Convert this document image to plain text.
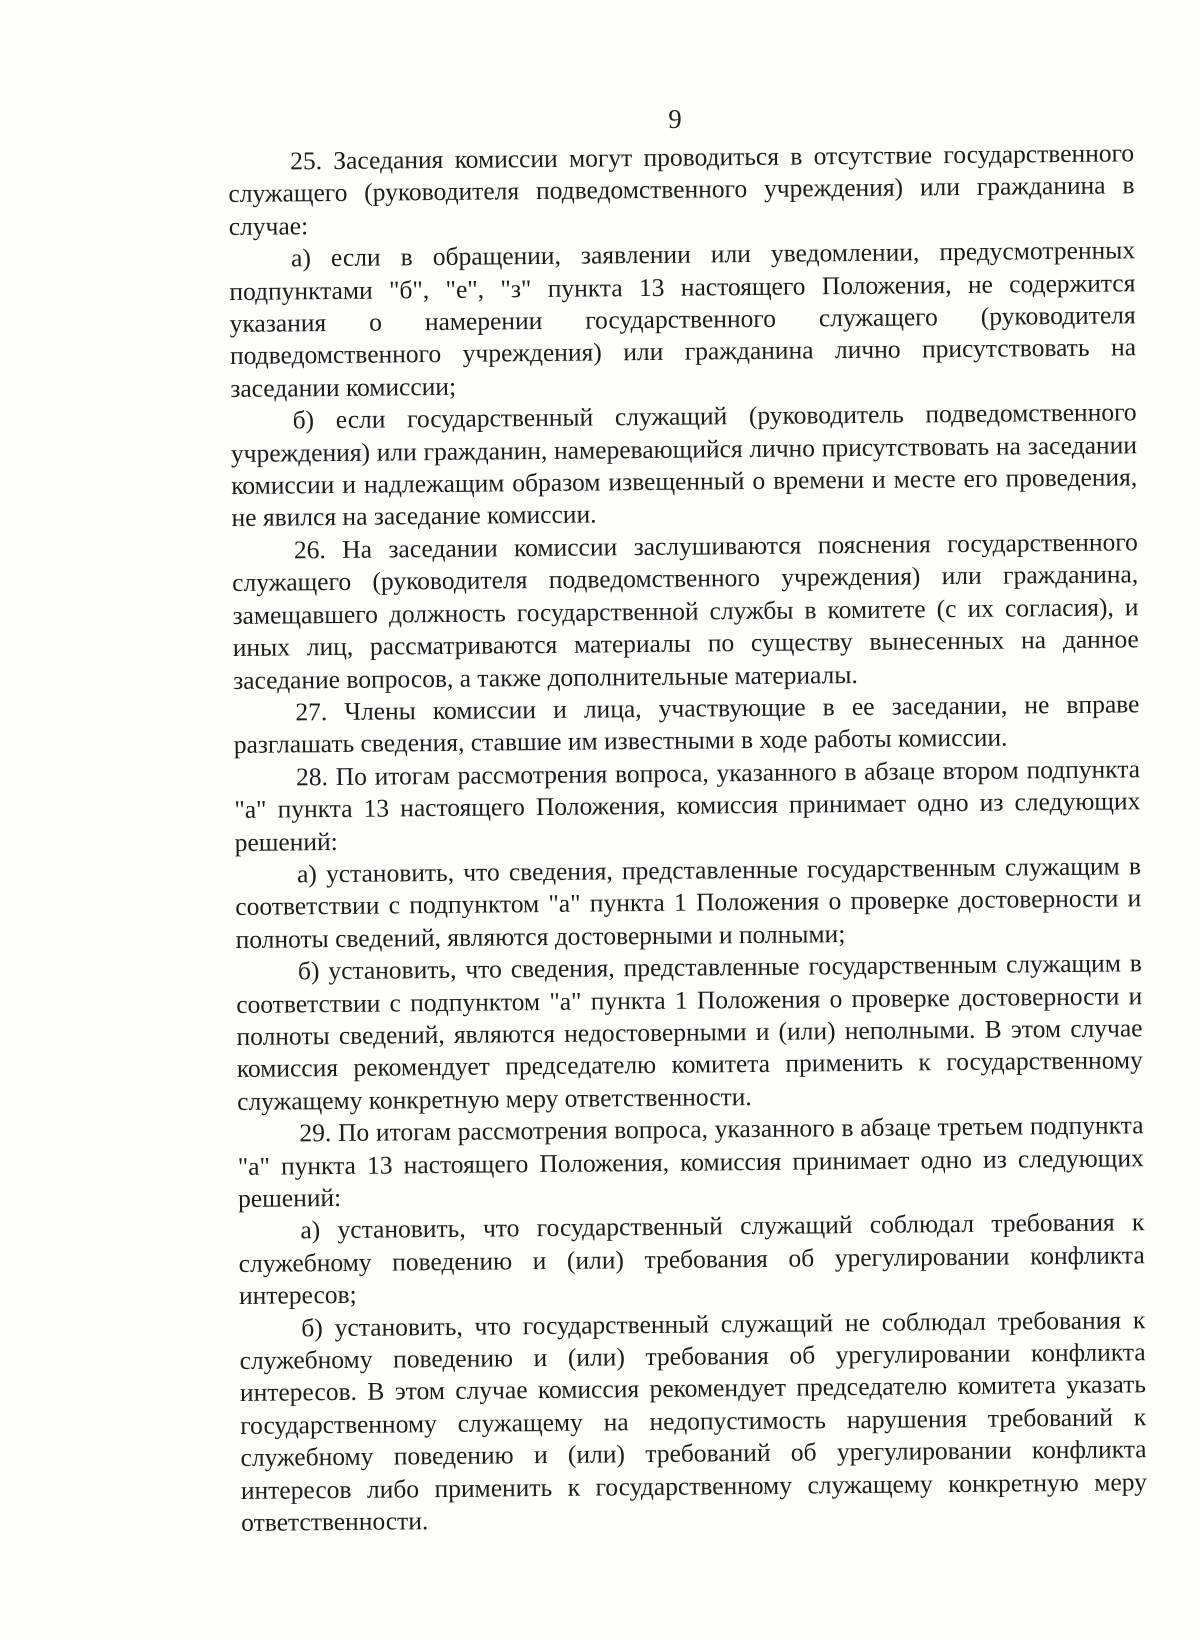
9

25. Заседания комиссии могут проводиться в отсутствие государственного служащего (руководителя подведомственного учреждения) или гражданина в случае:

а) если в обращении, заявлении или уведомлении, предусмотренных подпунктами "б", "е", "з" пункта 13 настоящего Положения, не содержится указания о намерении государственного служащего (руководителя подведомственного учреждения) или гражданина лично присутствовать на заседании комиссии;

б) если государственный служащий (руководитель подведомственного учреждения) или гражданин, намеревающийся лично присутствовать на заседании комиссии и надлежащим образом извещенный о времени и месте его проведения, не явился на заседание комиссии.

26. На заседании комиссии заслушиваются пояснения государственного служащего (руководителя подведомственного учреждения) или гражданина, замещавшего должность государственной службы в комитете (с их согласия), и иных лиц, рассматриваются материалы по существу вынесенных на данное заседание вопросов, а также дополнительные материалы.

27. Члены комиссии и лица, участвующие в ее заседании, не вправе разглашать сведения, ставшие им известными в ходе работы комиссии.

28. По итогам рассмотрения вопроса, указанного в абзаце втором подпункта "а" пункта 13 настоящего Положения, комиссия принимает одно из следующих решений:

а) установить, что сведения, представленные государственным служащим в соответствии с подпунктом "а" пункта 1 Положения о проверке достоверности и полноты сведений, являются достоверными и полными;

б) установить, что сведения, представленные государственным служащим в соответствии с подпунктом "а" пункта 1 Положения о проверке достоверности и полноты сведений, являются недостоверными и (или) неполными. В этом случае комиссия рекомендует председателю комитета применить к государственному служащему конкретную меру ответственности.

29. По итогам рассмотрения вопроса, указанного в абзаце третьем подпункта "а" пункта 13 настоящего Положения, комиссия принимает одно из следующих решений:

а) установить, что государственный служащий соблюдал требования к служебному поведению и (или) требования об урегулировании конфликта интересов;

б) установить, что государственный служащий не соблюдал требования к служебному поведению и (или) требования об урегулировании конфликта интересов. В этом случае комиссия рекомендует председателю комитета указать государственному служащему на недопустимость нарушения требований к служебному поведению и (или) требований об урегулировании конфликта интересов либо применить к государственному служащему конкретную меру ответственности.
